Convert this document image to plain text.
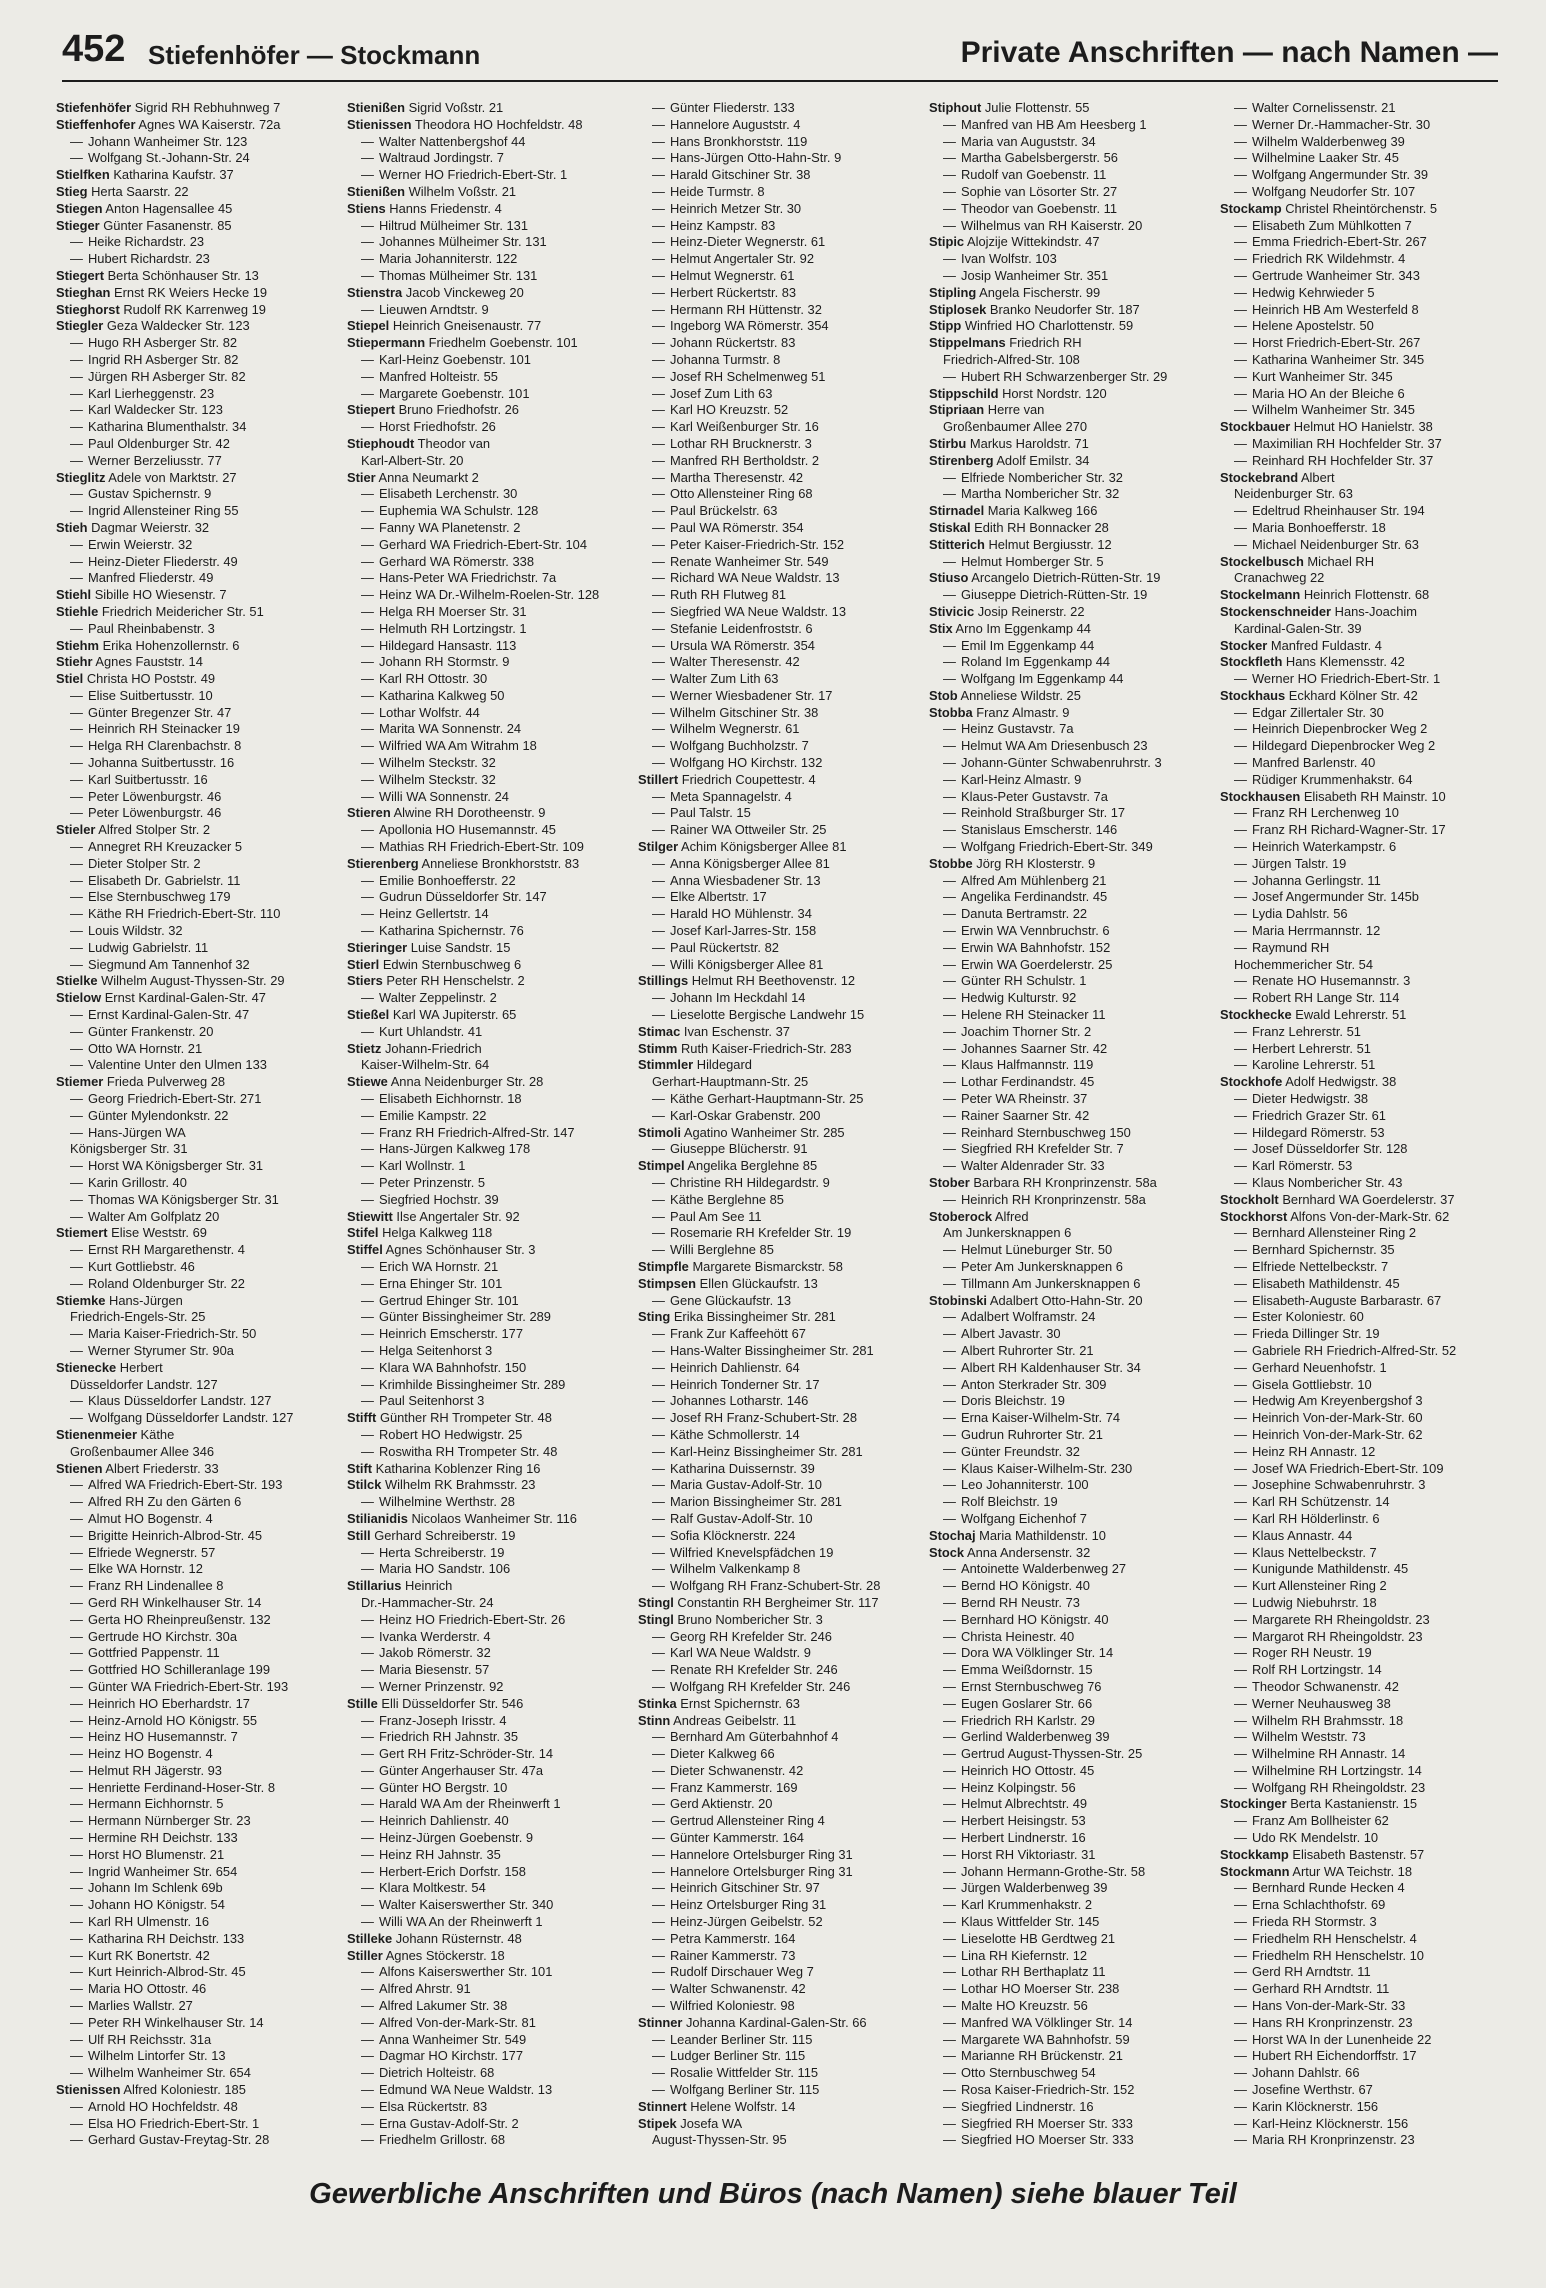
452 Stiefenhöfer — Stockmann	Private Anschriften — nach Namen —
Stiefenhöfer Sigrid RH Rebhuhnweg 7
Stieffenhofer Agnes WA Kaiserstr. 72a
— Johann Wanheimer Str. 123
— Wolfgang St.-Johann-Str. 24
Stielfken Katharina Kaufstr. 37
Stieg Herta Saarstr. 22
Stiegen Anton Hagensallee 45
Stieger Günter Fasanenstr. 85
— Heike Richardstr. 23
— Hubert Richardstr. 23
Stiegert Berta Schönhauser Str. 13
Stieghan Ernst RK Weiers Hecke 19
Stieghorst Rudolf RK Karrenweg 19
Stiegler Geza Waldecker Str. 123
— Hugo RH Asberger Str. 82
— Ingrid RH Asberger Str. 82
— Jürgen RH Asberger Str. 82
— Karl Lierheggenstr. 23
— Karl Waldecker Str. 123
— Katharina Blumenthalstr. 34
— Paul Oldenburger Str. 42
— Werner Berzeliusstr. 77
Stieglitz Adele von Marktstr. 27
— Gustav Spichernstr. 9
— Ingrid Allensteiner Ring 55
Stieh Dagmar Weierstr. 32
— Erwin Weierstr. 32
— Heinz-Dieter Fliederstr. 49
— Manfred Fliederstr. 49
Stiehl Sibille HO Wiesenstr. 7
Stiehle Friedrich Meidericher Str. 51
— Paul Rheinbabenstr. 3
Stiehm Erika Hohenzollernstr. 6
Stiehr Agnes Fauststr. 14
Stiel Christa HO Poststr. 49
— Elise Suitbertusstr. 10
— Günter Bregenzer Str. 47
— Heinrich RH Steinacker 19
— Helga RH Clarenbachstr. 8
— Johanna Suitbertusstr. 16
— Karl Suitbertusstr. 16
— Peter Löwenburgstr. 46
— Peter Löwenburgstr. 46
Stieler Alfred Stolper Str. 2
— Annegret RH Kreuzacker 5
— Dieter Stolper Str. 2
— Elisabeth Dr. Gabrielstr. 11
— Else Sternbuschweg 179
— Käthe RH Friedrich-Ebert-Str. 110
— Louis Wildstr. 32
— Ludwig Gabrielstr. 11
— Siegmund Am Tannenhof 32
Stielke Wilhelm August-Thyssen-Str. 29
Stielow Ernst Kardinal-Galen-Str. 47
— Ernst Kardinal-Galen-Str. 47
— Günter Frankenstr. 20
— Otto WA Hornstr. 21
— Valentine Unter den Ulmen 133
Stiemer Frieda Pulverweg 28
— Georg Friedrich-Ebert-Str. 271
— Günter Mylendonkstr. 22
— Hans-Jürgen WA
Königsberger Str. 31
— Horst WA Königsberger Str. 31
— Karin Grillostr. 40
— Thomas WA Königsberger Str. 31
— Walter Am Golfplatz 20
Stiemert Elise Weststr. 69
— Ernst RH Margarethenstr. 4
— Kurt Gottliebstr. 46
— Roland Oldenburger Str. 22
Stiemke Hans-Jürgen
Friedrich-Engels-Str. 25
— Maria Kaiser-Friedrich-Str. 50
— Werner Styrumer Str. 90a
Stienecke Herbert
Düsseldorfer Landstr. 127
— Klaus Düsseldorfer Landstr. 127
— Wolfgang Düsseldorfer Landstr. 127
Stienenmeier Käthe
Großenbaumer Allee 346
Stienen Albert Friederstr. 33
— Alfred WA Friedrich-Ebert-Str. 193
— Alfred RH Zu den Gärten 6
— Almut HO Bogenstr. 4
— Brigitte Heinrich-Albrod-Str. 45
— Elfriede Wegnerstr. 57
— Elke WA Hornstr. 12
— Franz RH Lindenallee 8
— Gerd RH Winkelhauser Str. 14
— Gerta HO Rheinpreußenstr. 132
— Gertrude HO Kirchstr. 30a
— Gottfried Pappenstr. 11
— Gottfried HO Schilleranlage 199
— Günter WA Friedrich-Ebert-Str. 193
— Heinrich HO Eberhardstr. 17
— Heinz-Arnold HO Königstr. 55
— Heinz HO Husemannstr. 7
— Heinz HO Bogenstr. 4
— Helmut RH Jägerstr. 93
— Henriette Ferdinand-Hoser-Str. 8
— Hermann Eichhornstr. 5
— Hermann Nürnberger Str. 23
— Hermine RH Deichstr. 133
— Horst HO Blumenstr. 21
— Ingrid Wanheimer Str. 654
— Johann Im Schlenk 69b
— Johann HO Königstr. 54
— Karl RH Ulmenstr. 16
— Katharina RH Deichstr. 133
— Kurt RK Bonertstr. 42
— Kurt Heinrich-Albrod-Str. 45
— Maria HO Ottostr. 46
— Marlies Wallstr. 27
— Peter RH Winkelhauser Str. 14
— Ulf RH Reichsstr. 31a
— Wilhelm Lintorfer Str. 13
— Wilhelm Wanheimer Str. 654
Stienissen Alfred Koloniestr. 185
— Arnold HO Hochfeldstr. 48
— Elsa HO Friedrich-Ebert-Str. 1
— Gerhard Gustav-Freytag-Str. 28
Stienißen Sigrid Voßstr. 21
Stienissen Theodora HO Hochfeldstr. 48
— Walter Nattenbergshof 44
— Waltraud Jordingstr. 7
— Werner HO Friedrich-Ebert-Str. 1
Stienißen Wilhelm Voßstr. 21
Stiens Hanns Friedenstr. 4
— Hiltrud Mülheimer Str. 131
— Johannes Mülheimer Str. 131
— Maria Johanniterstr. 122
— Thomas Mülheimer Str. 131
Stienstra Jacob Vinckeweg 20
— Lieuwen Arndtstr. 9
Stiepel Heinrich Gneisenaustr. 77
Stiepermann Friedhelm Goebenstr. 101
— Karl-Heinz Goebenstr. 101
— Manfred Holteistr. 55
— Margarete Goebenstr. 101
Stiepert Bruno Friedhofstr. 26
— Horst Friedhofstr. 26
Stiephoudt Theodor van
Karl-Albert-Str. 20
Stier Anna Neumarkt 2
— Elisabeth Lerchenstr. 30
— Euphemia WA Schulstr. 128
— Fanny WA Planetenstr. 2
— Gerhard WA Friedrich-Ebert-Str. 104
— Gerhard WA Römerstr. 338
— Hans-Peter WA Friedrichstr. 7a
— Heinz WA Dr.-Wilhelm-Roelen-Str. 128
— Helga RH Moerser Str. 31
— Helmuth RH Lortzingstr. 1
— Hildegard Hansastr. 113
— Johann RH Stormstr. 9
— Karl RH Ottostr. 30
— Katharina Kalkweg 50
— Lothar Wolfstr. 44
— Marita WA Sonnenstr. 24
— Wilfried WA Am Witrahm 18
— Wilhelm Steckstr. 32
— Wilhelm Steckstr. 32
— Willi WA Sonnenstr. 24
Stieren Alwine RH Dorotheenstr. 9
— Apollonia HO Husemannstr. 45
— Mathias RH Friedrich-Ebert-Str. 109
Stierenberg Anneliese Bronkhorststr. 83
— Emilie Bonhoefferstr. 22
— Gudrun Düsseldorfer Str. 147
— Heinz Gellertstr. 14
— Katharina Spichernstr. 76
Stieringer Luise Sandstr. 15
Stierl Edwin Sternbuschweg 6
Stiers Peter RH Henschelstr. 2
— Walter Zeppelinstr. 2
Stießel Karl WA Jupiterstr. 65
— Kurt Uhlandstr. 41
Stietz Johann-Friedrich
Kaiser-Wilhelm-Str. 64
Stiewe Anna Neidenburger Str. 28
— Elisabeth Eichhornstr. 18
— Emilie Kampstr. 22
— Franz RH Friedrich-Alfred-Str. 147
— Hans-Jürgen Kalkweg 178
— Karl Wollnstr. 1
— Peter Prinzenstr. 5
— Siegfried Hochstr. 39
Stiewitt Ilse Angertaler Str. 92
Stifel Helga Kalkweg 118
Stiffel Agnes Schönhauser Str. 3
— Erich WA Hornstr. 21
— Erna Ehinger Str. 101
— Gertrud Ehinger Str. 101
— Günter Bissingheimer Str. 289
— Heinrich Emscherstr. 177
— Helga Seitenhorst 3
— Klara WA Bahnhofstr. 150
— Krimhilde Bissingheimer Str. 289
— Paul Seitenhorst 3
Stifft Günther RH Trompeter Str. 48
— Robert HO Hedwigstr. 25
— Roswitha RH Trompeter Str. 48
Stift Katharina Koblenzer Ring 16
Stilck Wilhelm RK Brahmsstr. 23
— Wilhelmine Werthstr. 28
Stilianidis Nicolaos Wanheimer Str. 116
Still Gerhard Schreiberstr. 19
— Herta Schreiberstr. 19
— Maria HO Sandstr. 106
Stillarius Heinrich
Dr.-Hammacher-Str. 24
— Heinz HO Friedrich-Ebert-Str. 26
— Ivanka Werderstr. 4
— Jakob Römerstr. 32
— Maria Biesenstr. 57
— Werner Prinzenstr. 92
Stille Elli Düsseldorfer Str. 546
— Franz-Joseph Irisstr. 4
— Friedrich RH Jahnstr. 35
— Gert RH Fritz-Schröder-Str. 14
— Günter Angerhauser Str. 47a
— Günter HO Bergstr. 10
— Harald WA Am der Rheinwerft 1
— Heinrich Dahlienstr. 40
— Heinz-Jürgen Goebenstr. 9
— Heinz RH Jahnstr. 35
— Herbert-Erich Dorfstr. 158
— Klara Moltkestr. 54
— Walter Kaiserswerther Str. 340
— Willi WA An der Rheinwerft 1
Stilleke Johann Rüsternstr. 48
Stiller Agnes Stöckerstr. 18
— Alfons Kaiserswerther Str. 101
— Alfred Ahrstr. 91
— Alfred Lakumer Str. 38
— Alfred Von-der-Mark-Str. 81
— Anna Wanheimer Str. 549
— Dagmar HO Kirchstr. 177
— Dietrich Holteistr. 68
— Edmund WA Neue Waldstr. 13
— Elsa Rückertstr. 83
— Erna Gustav-Adolf-Str. 2
— Friedhelm Grillostr. 68
— Günter Fliederstr. 133
— Hannelore Auguststr. 4
— Hans Bronkhorststr. 119
— Hans-Jürgen Otto-Hahn-Str. 9
— Harald Gitschiner Str. 38
— Heide Turmstr. 8
— Heinrich Metzer Str. 30
— Heinz Kampstr. 83
— Heinz-Dieter Wegnerstr. 61
— Helmut Angertaler Str. 92
— Helmut Wegnerstr. 61
— Herbert Rückertstr. 83
— Hermann RH Hüttenstr. 32
— Ingeborg WA Römerstr. 354
— Johann Rückertstr. 83
— Johanna Turmstr. 8
— Josef RH Schelmenweg 51
— Josef Zum Lith 63
— Karl HO Kreuzstr. 52
— Karl Weißenburger Str. 16
— Lothar RH Brucknerstr. 3
— Manfred RH Bertholdstr. 2
— Martha Theresenstr. 42
— Otto Allensteiner Ring 68
— Paul Brückelstr. 63
— Paul WA Römerstr. 354
— Peter Kaiser-Friedrich-Str. 152
— Renate Wanheimer Str. 549
— Richard WA Neue Waldstr. 13
— Ruth RH Flutweg 81
— Siegfried WA Neue Waldstr. 13
— Stefanie Leidenfroststr. 6
— Ursula WA Römerstr. 354
— Walter Theresenstr. 42
— Walter Zum Lith 63
— Werner Wiesbadener Str. 17
— Wilhelm Gitschiner Str. 38
— Wilhelm Wegnerstr. 61
— Wolfgang Buchholzstr. 7
— Wolfgang HO Kirchstr. 132
Stillert Friedrich Coupettestr. 4
— Meta Spannagelstr. 4
— Paul Talstr. 15
— Rainer WA Ottweiler Str. 25
Stilger Achim Königsberger Allee 81
— Anna Königsberger Allee 81
— Anna Wiesbadener Str. 13
— Elke Albertstr. 17
— Harald HO Mühlenstr. 34
— Josef Karl-Jarres-Str. 158
— Paul Rückertstr. 82
— Willi Königsberger Allee 81
Stillings Helmut RH Beethovenstr. 12
— Johann Im Heckdahl 14
— Lieselotte Bergische Landwehr 15
Stimac Ivan Eschenstr. 37
Stimm Ruth Kaiser-Friedrich-Str. 283
Stimmler Hildegard
Gerhart-Hauptmann-Str. 25
— Käthe Gerhart-Hauptmann-Str. 25
— Karl-Oskar Grabenstr. 200
Stimoli Agatino Wanheimer Str. 285
— Giuseppe Blücherstr. 91
Stimpel Angelika Berglehne 85
— Christine RH Hildegardstr. 9
— Käthe Berglehne 85
— Paul Am See 11
— Rosemarie RH Krefelder Str. 19
— Willi Berglehne 85
Stimpfle Margarete Bismarckstr. 58
Stimpsen Ellen Glückaufstr. 13
— Gene Glückaufstr. 13
Sting Erika Bissingheimer Str. 281
— Frank Zur Kaffeehött 67
— Hans-Walter Bissingheimer Str. 281
— Heinrich Dahlienstr. 64
— Heinrich Tonderner Str. 17
— Johannes Lotharstr. 146
— Josef RH Franz-Schubert-Str. 28
— Käthe Schmollerstr. 14
— Karl-Heinz Bissingheimer Str. 281
— Katharina Duissernstr. 39
— Maria Gustav-Adolf-Str. 10
— Marion Bissingheimer Str. 281
— Ralf Gustav-Adolf-Str. 10
— Sofia Klöcknerstr. 224
— Wilfried Knevelspfädchen 19
— Wilhelm Valkenkamp 8
— Wolfgang RH Franz-Schubert-Str. 28
Stingl Constantin RH Bergheimer Str. 117
Stingl Bruno Nombericher Str. 3
— Georg RH Krefelder Str. 246
— Karl WA Neue Waldstr. 9
— Renate RH Krefelder Str. 246
— Wolfgang RH Krefelder Str. 246
Stinka Ernst Spichernstr. 63
Stinn Andreas Geibelstr. 11
— Bernhard Am Güterbahnhof 4
— Dieter Kalkweg 66
— Dieter Schwanenstr. 42
— Franz Kammerstr. 169
— Gerd Aktienstr. 20
— Gertrud Allensteiner Ring 4
— Günter Kammerstr. 164
— Hannelore Ortelsburger Ring 31
— Hannelore Ortelsburger Ring 31
— Heinrich Gitschiner Str. 97
— Heinz Ortelsburger Ring 31
— Heinz-Jürgen Geibelstr. 52
— Petra Kammerstr. 164
— Rainer Kammerstr. 73
— Rudolf Dirschauer Weg 7
— Walter Schwanenstr. 42
— Wilfried Koloniestr. 98
Stinner Johanna Kardinal-Galen-Str. 66
— Leander Berliner Str. 115
— Ludger Berliner Str. 115
— Rosalie Wittfelder Str. 115
— Wolfgang Berliner Str. 115
Stinnert Helene Wolfstr. 14
Stipek Josefa WA
August-Thyssen-Str. 95
Stiphout Julie Flottenstr. 55
— Manfred van HB Am Heesberg 1
— Maria van Auguststr. 34
— Martha Gabelsbergerstr. 56
— Rudolf van Goebenstr. 11
— Sophie van Lösorter Str. 27
— Theodor van Goebenstr. 11
— Wilhelmus van RH Kaiserstr. 20
Stipic Alojzije Wittekindstr. 47
— Ivan Wolfstr. 103
— Josip Wanheimer Str. 351
Stipling Angela Fischerstr. 99
Stiplosek Branko Neudorfer Str. 187
Stipp Winfried HO Charlottenstr. 59
Stippelmans Friedrich RH
Friedrich-Alfred-Str. 108
— Hubert RH Schwarzenberger Str. 29
Stippschild Horst Nordstr. 120
Stipriaan Herre van
Großenbaumer Allee 270
Stirbu Markus Haroldstr. 71
Stirenberg Adolf Emilstr. 34
— Elfriede Nombericher Str. 32
— Martha Nombericher Str. 32
Stirnadel Maria Kalkweg 166
Stiskal Edith RH Bonnacker 28
Stitterich Helmut Bergiusstr. 12
— Helmut Homberger Str. 5
Stiuso Arcangelo Dietrich-Rütten-Str. 19
— Giuseppe Dietrich-Rütten-Str. 19
Stivicic Josip Reinerstr. 22
Stix Arno Im Eggenkamp 44
— Emil Im Eggenkamp 44
— Roland Im Eggenkamp 44
— Wolfgang Im Eggenkamp 44
Stob Anneliese Wildstr. 25
Stobba Franz Almastr. 9
— Heinz Gustavstr. 7a
— Helmut WA Am Driesenbusch 23
— Johann-Günter Schwabenruhrstr. 3
— Karl-Heinz Almastr. 9
— Klaus-Peter Gustavstr. 7a
— Reinhold Straßburger Str. 17
— Stanislaus Emscherstr. 146
— Wolfgang Friedrich-Ebert-Str. 349
Stobbe Jörg RH Klosterstr. 9
— Alfred Am Mühlenberg 21
— Angelika Ferdinandstr. 45
— Danuta Bertramstr. 22
— Erwin WA Vennbruchstr. 6
— Erwin WA Bahnhofstr. 152
— Erwin WA Goerdelerstr. 25
— Günter RH Schulstr. 1
— Hedwig Kulturstr. 92
— Helene RH Steinacker 11
— Joachim Thorner Str. 2
— Johannes Saarner Str. 42
— Klaus Halfmannstr. 119
— Lothar Ferdinandstr. 45
— Peter WA Rheinstr. 37
— Rainer Saarner Str. 42
— Reinhard Sternbuschweg 150
— Siegfried RH Krefelder Str. 7
— Walter Aldenrader Str. 33
Stober Barbara RH Kronprinzenstr. 58a
— Heinrich RH Kronprinzenstr. 58a
Stoberock Alfred
Am Junkersknappen 6
— Helmut Lüneburger Str. 50
— Peter Am Junkersknappen 6
— Tillmann Am Junkersknappen 6
Stobinski Adalbert Otto-Hahn-Str. 20
— Adalbert Wolframstr. 24
— Albert Javastr. 30
— Albert Ruhrorter Str. 21
— Albert RH Kaldenhauser Str. 34
— Anton Sterkrader Str. 309
— Doris Bleichstr. 19
— Erna Kaiser-Wilhelm-Str. 74
— Gudrun Ruhrorter Str. 21
— Günter Freundstr. 32
— Klaus Kaiser-Wilhelm-Str. 230
— Leo Johanniterstr. 100
— Rolf Bleichstr. 19
— Wolfgang Eichenhof 7
Stochaj Maria Mathildenstr. 10
Stock Anna Andersenstr. 32
— Antoinette Walderbenweg 27
— Bernd HO Königstr. 40
— Bernd RH Neustr. 73
— Bernhard HO Königstr. 40
— Christa Heinestr. 40
— Dora WA Völklinger Str. 14
— Emma Weißdornstr. 15
— Ernst Sternbuschweg 76
— Eugen Goslarer Str. 66
— Friedrich RH Karlstr. 29
— Gerlind Walderbenweg 39
— Gertrud August-Thyssen-Str. 25
— Heinrich HO Ottostr. 45
— Heinz Kolpingstr. 56
— Helmut Albrechtstr. 49
— Herbert Heisingstr. 53
— Herbert Lindnerstr. 16
— Horst RH Viktoriastr. 31
— Johann Hermann-Grothe-Str. 58
— Jürgen Walderbenweg 39
— Karl Krummenhakstr. 2
— Klaus Wittfelder Str. 145
— Lieselotte HB Gerdtweg 21
— Lina RH Kiefernstr. 12
— Lothar RH Berthaplatz 11
— Lothar HO Moerser Str. 238
— Malte HO Kreuzstr. 56
— Manfred WA Völklinger Str. 14
— Margarete WA Bahnhofstr. 59
— Marianne RH Brückenstr. 21
— Otto Sternbuschweg 54
— Rosa Kaiser-Friedrich-Str. 152
— Siegfried Lindnerstr. 16
— Siegfried RH Moerser Str. 333
— Siegfried HO Moerser Str. 333
— Walter Cornelissenstr. 21
— Werner Dr.-Hammacher-Str. 30
— Wilhelm Walderbenweg 39
— Wilhelmine Laaker Str. 45
— Wolfgang Angermunder Str. 39
— Wolfgang Neudorfer Str. 107
Stockamp Christel Rheintörchenstr. 5
— Elisabeth Zum Mühlkotten 7
— Emma Friedrich-Ebert-Str. 267
— Friedrich RK Wildehmstr. 4
— Gertrude Wanheimer Str. 343
— Hedwig Kehrwieder 5
— Heinrich HB Am Westerfeld 8
— Helene Apostelstr. 50
— Horst Friedrich-Ebert-Str. 267
— Katharina Wanheimer Str. 345
— Kurt Wanheimer Str. 345
— Maria HO An der Bleiche 6
— Wilhelm Wanheimer Str. 345
Stockbauer Helmut HO Hanielstr. 38
— Maximilian RH Hochfelder Str. 37
— Reinhard RH Hochfelder Str. 37
Stockebrand Albert
Neidenburger Str. 63
— Edeltrud Rheinhauser Str. 194
— Maria Bonhoefferstr. 18
— Michael Neidenburger Str. 63
Stockelbusch Michael RH
Cranachweg 22
Stockelmann Heinrich Flottenstr. 68
Stockenschneider Hans-Joachim
Kardinal-Galen-Str. 39
Stocker Manfred Fuldastr. 4
Stockfleth Hans Klemensstr. 42
— Werner HO Friedrich-Ebert-Str. 1
Stockhaus Eckhard Kölner Str. 42
— Edgar Zillertaler Str. 30
— Heinrich Diepenbrocker Weg 2
— Hildegard Diepenbrocker Weg 2
— Manfred Barlenstr. 40
— Rüdiger Krummenhakstr. 64
Stockhausen Elisabeth RH Mainstr. 10
— Franz RH Lerchenweg 10
— Franz RH Richard-Wagner-Str. 17
— Heinrich Waterkampstr. 6
— Jürgen Talstr. 19
— Johanna Gerlingstr. 11
— Josef Angermunder Str. 145b
— Lydia Dahlstr. 56
— Maria Herrmannstr. 12
— Raymund RH
Hochemmericher Str. 54
— Renate HO Husemannstr. 3
— Robert RH Lange Str. 114
Stockhecke Ewald Lehrerstr. 51
— Franz Lehrerstr. 51
— Herbert Lehrerstr. 51
— Karoline Lehrerstr. 51
Stockhofe Adolf Hedwigstr. 38
— Dieter Hedwigstr. 38
— Friedrich Grazer Str. 61
— Hildegard Römerstr. 53
— Josef Düsseldorfer Str. 128
— Karl Römerstr. 53
— Klaus Nombericher Str. 43
Stockholt Bernhard WA Goerdelerstr. 37
Stockhorst Alfons Von-der-Mark-Str. 62
— Bernhard Allensteiner Ring 2
— Bernhard Spichernstr. 35
— Elfriede Nettelbeckstr. 7
— Elisabeth Mathildenstr. 45
— Elisabeth-Auguste Barbarastr. 67
— Ester Koloniestr. 60
— Frieda Dillinger Str. 19
— Gabriele RH Friedrich-Alfred-Str. 52
— Gerhard Neuenhofstr. 1
— Gisela Gottliebstr. 10
— Hedwig Am Kreyenbergshof 3
— Heinrich Von-der-Mark-Str. 60
— Heinrich Von-der-Mark-Str. 62
— Heinz RH Annastr. 12
— Josef WA Friedrich-Ebert-Str. 109
— Josephine Schwabenruhrstr. 3
— Karl RH Schützenstr. 14
— Karl RH Hölderlinstr. 6
— Klaus Annastr. 44
— Klaus Nettelbeckstr. 7
— Kunigunde Mathildenstr. 45
— Kurt Allensteiner Ring 2
— Ludwig Niebuhrstr. 18
— Margarete RH Rheingoldstr. 23
— Margarot RH Rheingoldstr. 23
— Roger RH Neustr. 19
— Rolf RH Lortzingstr. 14
— Theodor Schwanenstr. 42
— Werner Neuhausweg 38
— Wilhelm RH Brahmsstr. 18
— Wilhelm Weststr. 73
— Wilhelmine RH Annastr. 14
— Wilhelmine RH Lortzingstr. 14
— Wolfgang RH Rheingoldstr. 23
Stockinger Berta Kastanienstr. 15
— Franz Am Bollheister 62
— Udo RK Mendelstr. 10
Stockkamp Elisabeth Bastenstr. 57
Stockmann Artur WA Teichstr. 18
— Bernhard Runde Hecken 4
— Erna Schlachthofstr. 69
— Frieda RH Stormstr. 3
— Friedhelm RH Henschelstr. 4
— Friedhelm RH Henschelstr. 10
— Gerd RH Arndtstr. 11
— Gerhard RH Arndtstr. 11
— Hans Von-der-Mark-Str. 33
— Hans RH Kronprinzenstr. 23
— Horst WA In der Lunenheide 22
— Hubert RH Eichendorffstr. 17
— Johann Dahlstr. 66
— Josefine Werthstr. 67
— Karin Klöcknerstr. 156
— Karl-Heinz Klöcknerstr. 156
— Maria RH Kronprinzenstr. 23
Gewerbliche Anschriften und Büros (nach Namen) siehe blauer Teil
